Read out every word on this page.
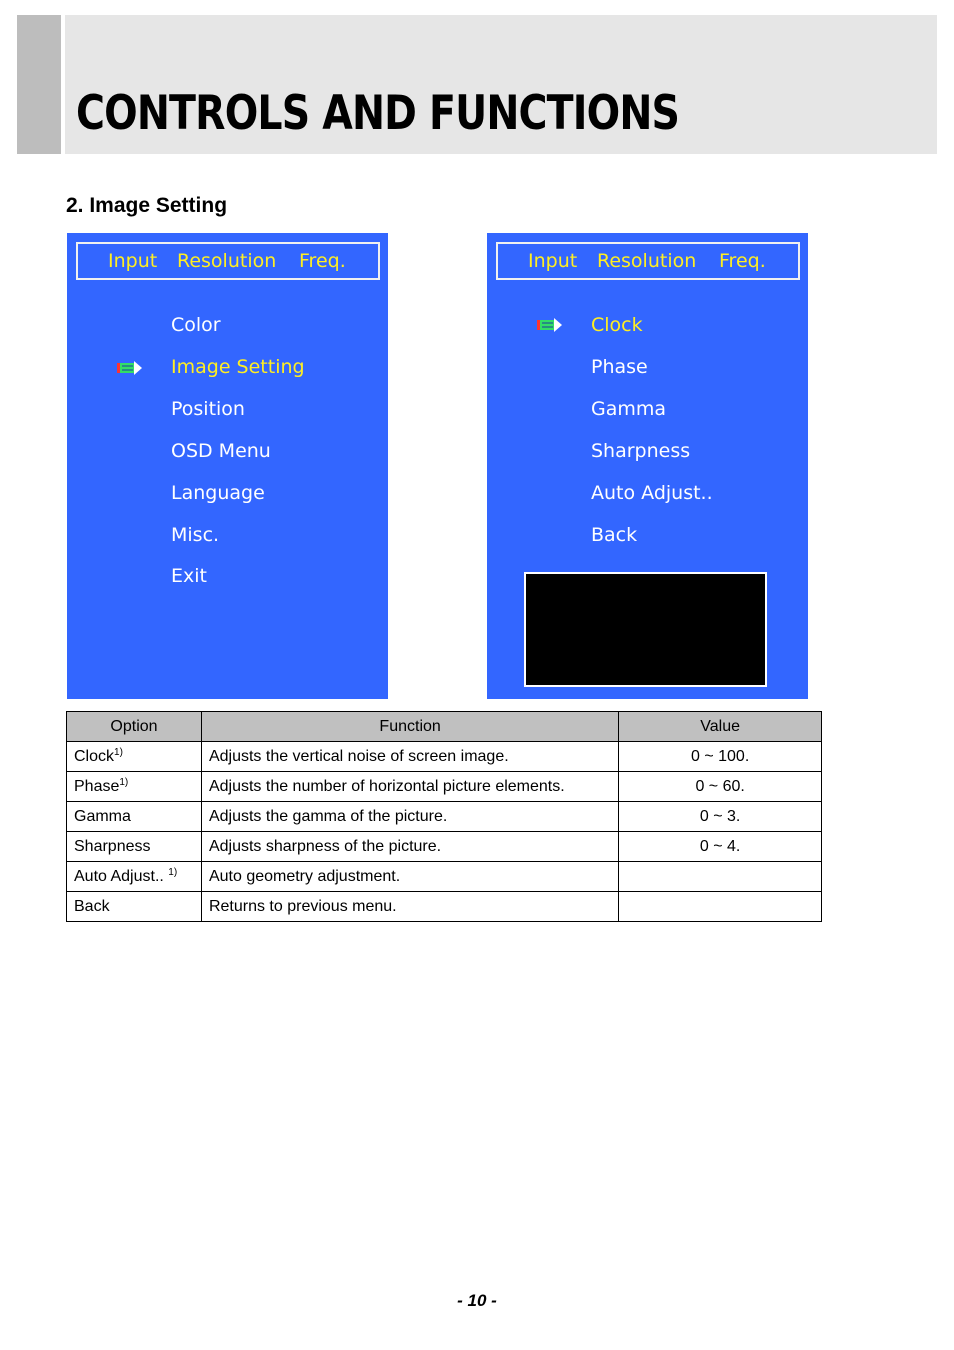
CONTROLS AND FUNCTIONS
2. Image Setting
Input Resolution Freq.
Color
Image Setting
Position
OSD Menu
Language
Misc.
Exit
Input Resolution Freq.
Clock
Phase
Gamma
Sharpness
Auto Adjust..
Back
Option	Function	Value
Clock$^{1)}$	Adjusts the vertical noise of screen image.	0 ~ 100.
Phase$^{1)}$	Adjusts the number of horizontal picture elements.	0 ~ 60.
Gamma	Adjusts the gamma of the picture.	0 ~ 3.
Sharpness	Adjusts sharpness of the picture.	0 ~ 4.
Auto Adjust.. $^{1)}$	Auto geometry adjustment.	
Back	Returns to previous menu.	
- 10 -
